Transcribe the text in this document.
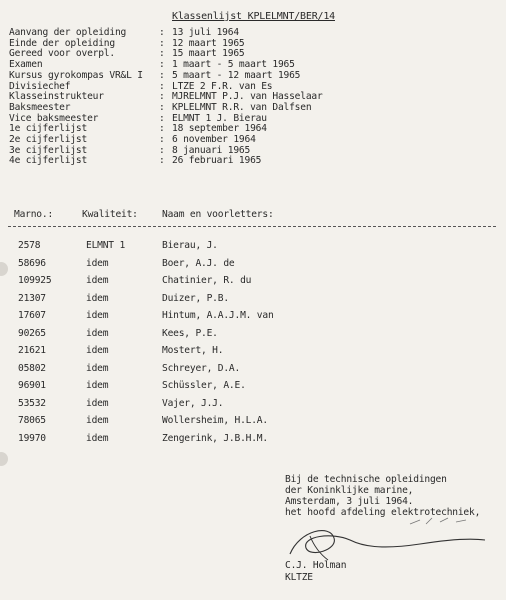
Klassenlijst KPLELMNT/BER/14
Aanvang der opleiding	: 13 juli 1964
Einde der opleiding	: 12 maart 1965
Gereed voor overpl.	: 15 maart 1965
Examen	: 1 maart - 5 maart 1965
Kursus gyrokompas VR&L I : 5 maart - 12 maart 1965
Divisiechef	: LTZE 2 F.R. van Es
Klasseinstrukteur	: MJRELMNT P.J. van Hasselaar
Baksmeester	: KPLELMNT R.R. van Dalfsen
Vice baksmeester	: ELMNT 1 J. Bierau
1e cijferlijst	: 18 september 1964
2e cijferlijst	: 6 november 1964
3e cijferlijst	: 8 januari 1965
4e cijferlijst	: 26 februari 1965
Marno.:	Kwaliteit:	Naam en voorletters:
2578	ELMNT 1	Bierau, J.
58696	idem	Boer, A.J. de
109925	idem	Chatinier, R. du
21307	idem	Duizer, P.B.
17607	idem	Hintum, A.A.J.M. van
90265	idem	Kees, P.E.
21621	idem	Mostert, H.
05802	idem	Schreyer, D.A.
96901	idem	Schüssler, A.E.
53532	idem	Vajer, J.J.
78065	idem	Wollersheim, H.L.A.
19970	idem	Zengerink, J.B.H.M.
Bij de technische opleidingen
der Koninklijke marine,
Amsterdam, 3 juli 1964.
het hoofd afdeling elektrotechniek,
C.J. Holman
KLTZE
